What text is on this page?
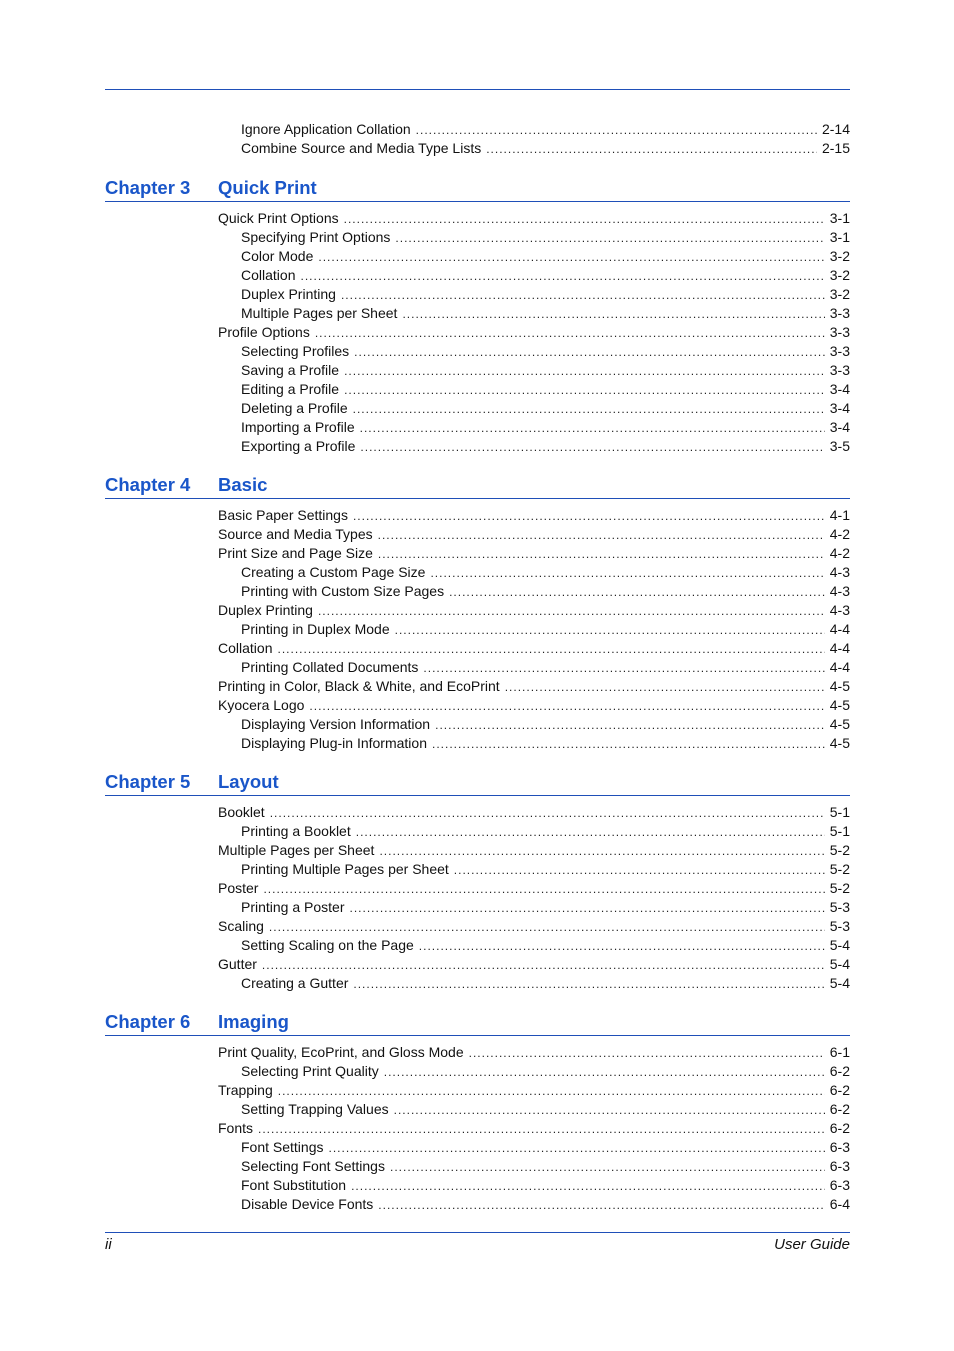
Ignore Application Collation .....	2-14
Combine Source and Media Type Lists .....	2-15
Chapter 3 Quick Print
Quick Print Options .....	3-1
Specifying Print Options .....	3-1
Color Mode .....	3-2
Collation .....	3-2
Duplex Printing .....	3-2
Multiple Pages per Sheet .....	3-3
Profile Options .....	3-3
Selecting Profiles .....	3-3
Saving a Profile .....	3-3
Editing a Profile .....	3-4
Deleting a Profile .....	3-4
Importing a Profile .....	3-4
Exporting a Profile .....	3-5
Chapter 4 Basic
Basic Paper Settings .....	4-1
Source and Media Types .....	4-2
Print Size and Page Size .....	4-2
Creating a Custom Page Size .....	4-3
Printing with Custom Size Pages .....	4-3
Duplex Printing .....	4-3
Printing in Duplex Mode .....	4-4
Collation .....	4-4
Printing Collated Documents .....	4-4
Printing in Color, Black & White, and EcoPrint .....	4-5
Kyocera Logo .....	4-5
Displaying Version Information .....	4-5
Displaying Plug-in Information .....	4-5
Chapter 5 Layout
Booklet .....	5-1
Printing a Booklet .....	5-1
Multiple Pages per Sheet .....	5-2
Printing Multiple Pages per Sheet .....	5-2
Poster .....	5-2
Printing a Poster .....	5-3
Scaling .....	5-3
Setting Scaling on the Page .....	5-4
Gutter .....	5-4
Creating a Gutter .....	5-4
Chapter 6 Imaging
Print Quality, EcoPrint, and Gloss Mode .....	6-1
Selecting Print Quality .....	6-2
Trapping .....	6-2
Setting Trapping Values .....	6-2
Fonts .....	6-2
Font Settings .....	6-3
Selecting Font Settings .....	6-3
Font Substitution .....	6-3
Disable Device Fonts .....	6-4
ii	User Guide
